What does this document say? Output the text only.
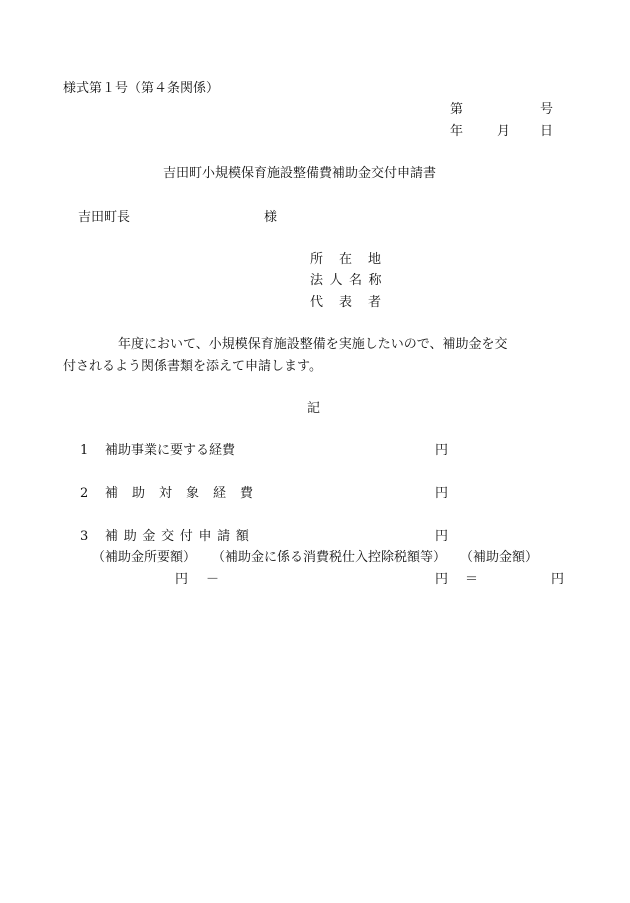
様式第１号（第４条関係）
第	号
年	月 日
吉田町小規模保育施設整備費補助金交付申請書
吉田町長	様
所 在 地
法 人 名 称
代 表 者
年度において、小規模保育施設整備を実施したいので、補助金を交
付されるよう関係書類を添えて申請します。
記
1 補助事業に要する経費	円
2 補 助 対 象 経 費	円
3 補 助 金 交 付 申 請 額	円
（補助金所要額） （補助金に係る消費税仕入控除税額等） （補助金額）
円 －	円 ＝	円
